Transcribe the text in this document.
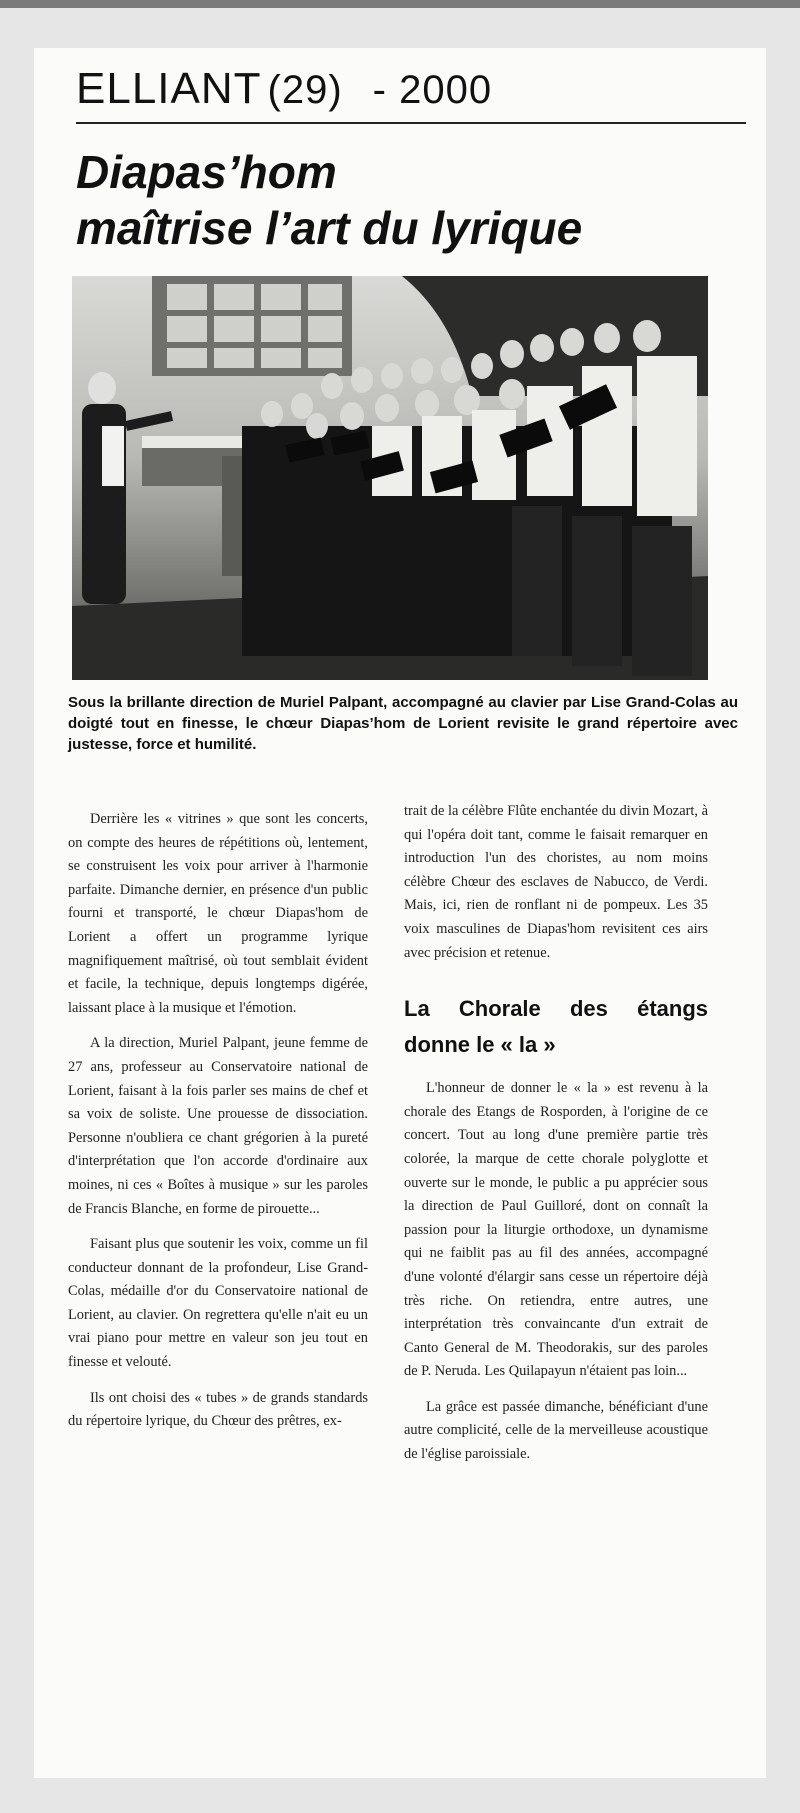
ELLIANT (29) - 2000
Diapas’hom
maîtrise l’art du lyrique
Sous la brillante direction de Muriel Palpant, accompagné au clavier par Lise Grand-Colas au doigté tout en finesse, le chœur Diapas’hom de Lorient revisite le grand répertoire avec justesse, force et humilité.

Derrière les « vitrines » que sont les concerts, on compte des heures de répétitions où, lentement, se construisent les voix pour arriver à l'harmonie parfaite. Dimanche dernier, en présence d'un public fourni et transporté, le chœur Diapas'hom de Lorient a offert un programme lyrique magnifiquement maîtrisé, où tout semblait évident et facile, la technique, depuis longtemps digérée, laissant place à la musique et l'émotion.

A la direction, Muriel Palpant, jeune femme de 27 ans, professeur au Conservatoire national de Lorient, faisant à la fois parler ses mains de chef et sa voix de soliste. Une prouesse de dissociation. Personne n'oubliera ce chant grégorien à la pureté d'interprétation que l'on accorde d'ordinaire aux moines, ni ces « Boîtes à musique » sur les paroles de Francis Blanche, en forme de pirouette...

Faisant plus que soutenir les voix, comme un fil conducteur donnant de la profondeur, Lise Grand-Colas, médaille d'or du Conservatoire national de Lorient, au clavier. On regrettera qu'elle n'ait eu un vrai piano pour mettre en valeur son jeu tout en finesse et velouté.

Ils ont choisi des « tubes » de grands standards du répertoire lyrique, du Chœur des prêtres, ex-

trait de la célèbre Flûte enchantée du divin Mozart, à qui l'opéra doit tant, comme le faisait remarquer en introduction l'un des choristes, au nom moins célèbre Chœur des esclaves de Nabucco, de Verdi. Mais, ici, rien de ronflant ni de pompeux. Les 35 voix masculines de Diapas'hom revisitent ces airs avec précision et retenue.

La Chorale des étangs donne le « la »

L'honneur de donner le « la » est revenu à la chorale des Etangs de Rosporden, à l'origine de ce concert. Tout au long d'une première partie très colorée, la marque de cette chorale polyglotte et ouverte sur le monde, le public a pu apprécier sous la direction de Paul Guilloré, dont on connaît la passion pour la liturgie orthodoxe, un dynamisme qui ne faiblit pas au fil des années, accompagné d'une volonté d'élargir sans cesse un répertoire déjà très riche. On retiendra, entre autres, une interprétation très convaincante d'un extrait de Canto General de M. Theodorakis, sur des paroles de P. Neruda. Les Quilapayun n'étaient pas loin...

La grâce est passée dimanche, bénéficiant d'une autre complicité, celle de la merveilleuse acoustique de l'église paroissiale.
